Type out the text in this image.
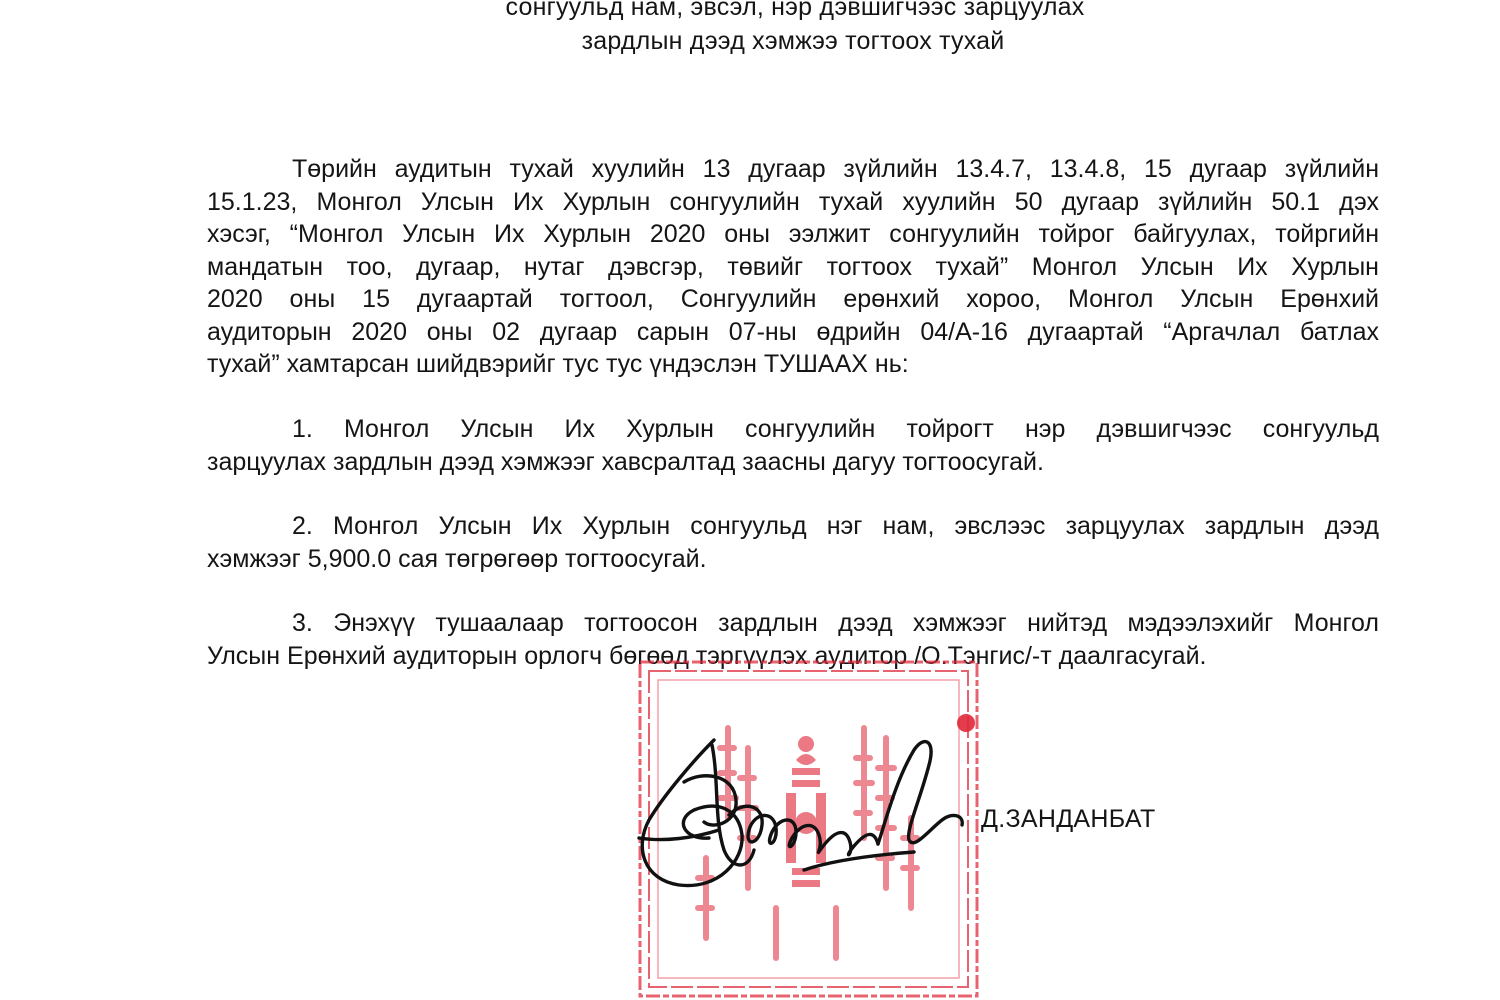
сонгуульд нам, эвсэл, нэр дэвшигчээс зарцуулах
зардлын дээд хэмжээ тогтоох тухай
Төрийн аудитын тухай хуулийн 13 дугаар зүйлийн 13.4.7, 13.4.8, 15 дугаар зүйлийн
15.1.23, Монгол Улсын Их Хурлын сонгуулийн тухай хуулийн 50 дугаар зүйлийн 50.1 дэх
хэсэг, “Монгол Улсын Их Хурлын 2020 оны ээлжит сонгуулийн тойрог байгуулах, тойргийн
мандатын тоо, дугаар, нутаг дэвсгэр, төвийг тогтоох тухай” Монгол Улсын Их Хурлын
2020 оны 15 дугаартай тогтоол, Сонгуулийн ерөнхий хороо, Монгол Улсын Ерөнхий
аудиторын 2020 оны 02 дугаар сарын 07-ны өдрийн 04/А-16 дугаартай “Аргачлал батлах
тухай” хамтарсан шийдвэрийг тус тус үндэслэн ТУШААХ нь:
1. Монгол Улсын Их Хурлын сонгуулийн тойрогт нэр дэвшигчээс сонгуульд
зарцуулах зардлын дээд хэмжээг хавсралтад заасны дагуу тогтоосугай.
2. Монгол Улсын Их Хурлын сонгуульд нэг нам, эвслээс зарцуулах зардлын дээд
хэмжээг 5,900.0 сая төгрөгөөр тогтоосугай.
3. Энэхүү тушаалаар тогтоосон зардлын дээд хэмжээг нийтэд мэдээлэхийг Монгол
Улсын Ерөнхий аудиторын орлогч бөгөөд тэргүүлэх аудитор /О.Тэнгис/-т даалгасугай.
Д.ЗАНДАНБАТ
